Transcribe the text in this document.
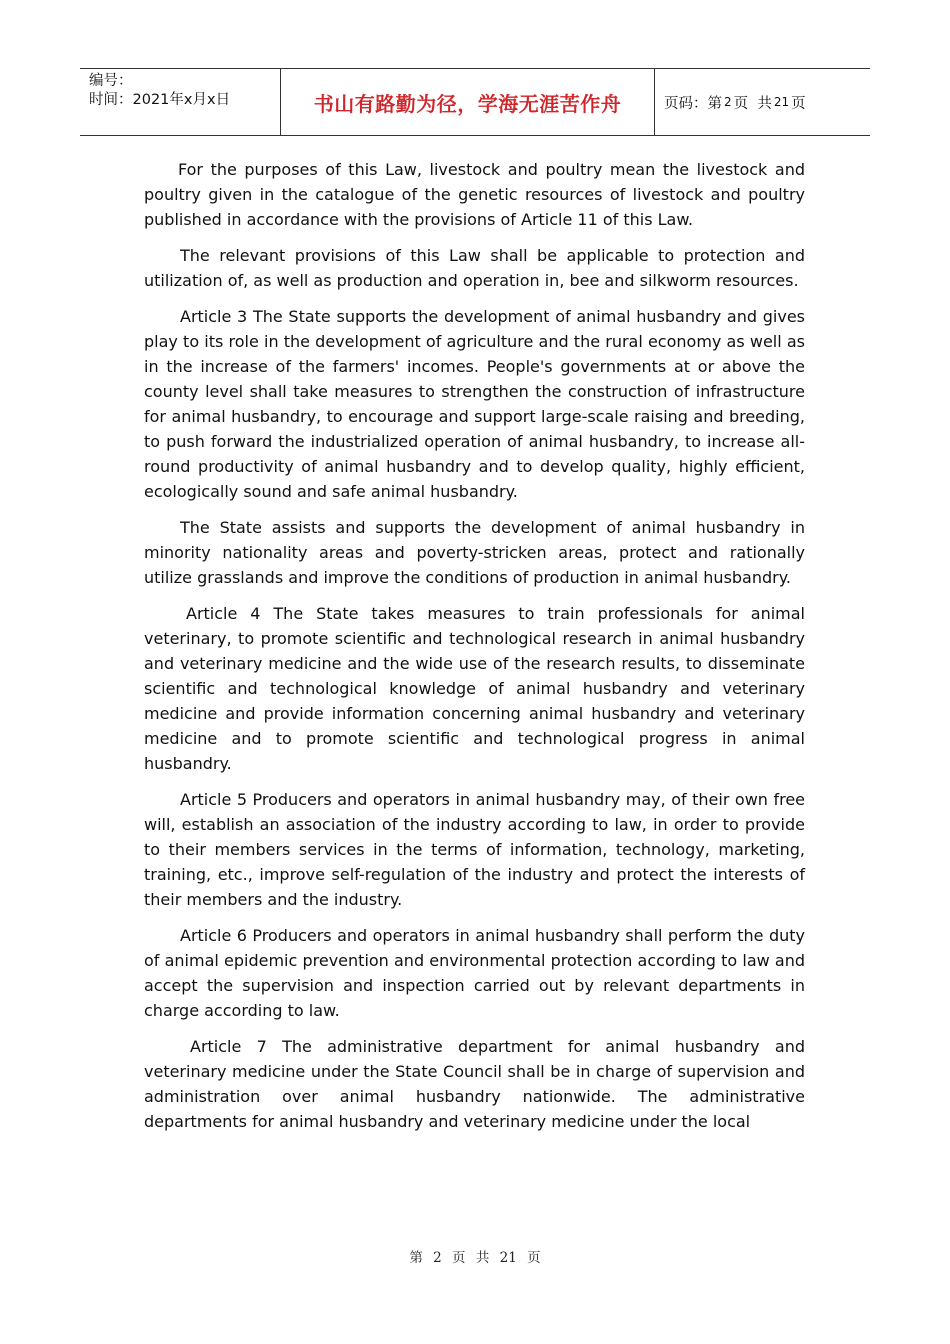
编号：
时间：2021年x月x日	书山有路勤为径，学海无涯苦作舟	页码：第 2 页  共 21 页

For the purposes of this Law, livestock and poultry mean the livestock and poultry given in the catalogue of the genetic resources of livestock and poultry published in accordance with the provisions of Article 11 of this Law.

The relevant provisions of this Law shall be applicable to protection and utilization of, as well as production and operation in, bee and silkworm resources.

Article 3 The State supports the development of animal husbandry and gives play to its role in the development of agriculture and the rural economy as well as in the increase of the farmers' incomes. People's governments at or above the county level shall take measures to strengthen the construction of infrastructure for animal husbandry, to encourage and support large-scale raising and breeding, to push forward the industrialized operation of animal husbandry, to increase all-round productivity of animal husbandry and to develop quality, highly efficient, ecologically sound and safe animal husbandry.

The State assists and supports the development of animal husbandry in minority nationality areas and poverty-stricken areas, protect and rationally utilize grasslands and improve the conditions of production in animal husbandry.

Article 4 The State takes measures to train professionals for animal veterinary, to promote scientific and technological research in animal husbandry and veterinary medicine and the wide use of the research results, to disseminate scientific and technological knowledge of animal husbandry and veterinary medicine and provide information concerning animal husbandry and veterinary medicine and to promote scientific and technological progress in animal husbandry.

Article 5 Producers and operators in animal husbandry may, of their own free will, establish an association of the industry according to law, in order to provide to their members services in the terms of information, technology, marketing, training, etc., improve self-regulation of the industry and protect the interests of their members and the industry.

Article 6 Producers and operators in animal husbandry shall perform the duty of animal epidemic prevention and environmental protection according to law and accept the supervision and inspection carried out by relevant departments in charge according to law.

Article 7 The administrative department for animal husbandry and veterinary medicine under the State Council shall be in charge of supervision and administration over animal husbandry nationwide. The administrative departments for animal husbandry and veterinary medicine under the local

第 2 页 共 21 页
